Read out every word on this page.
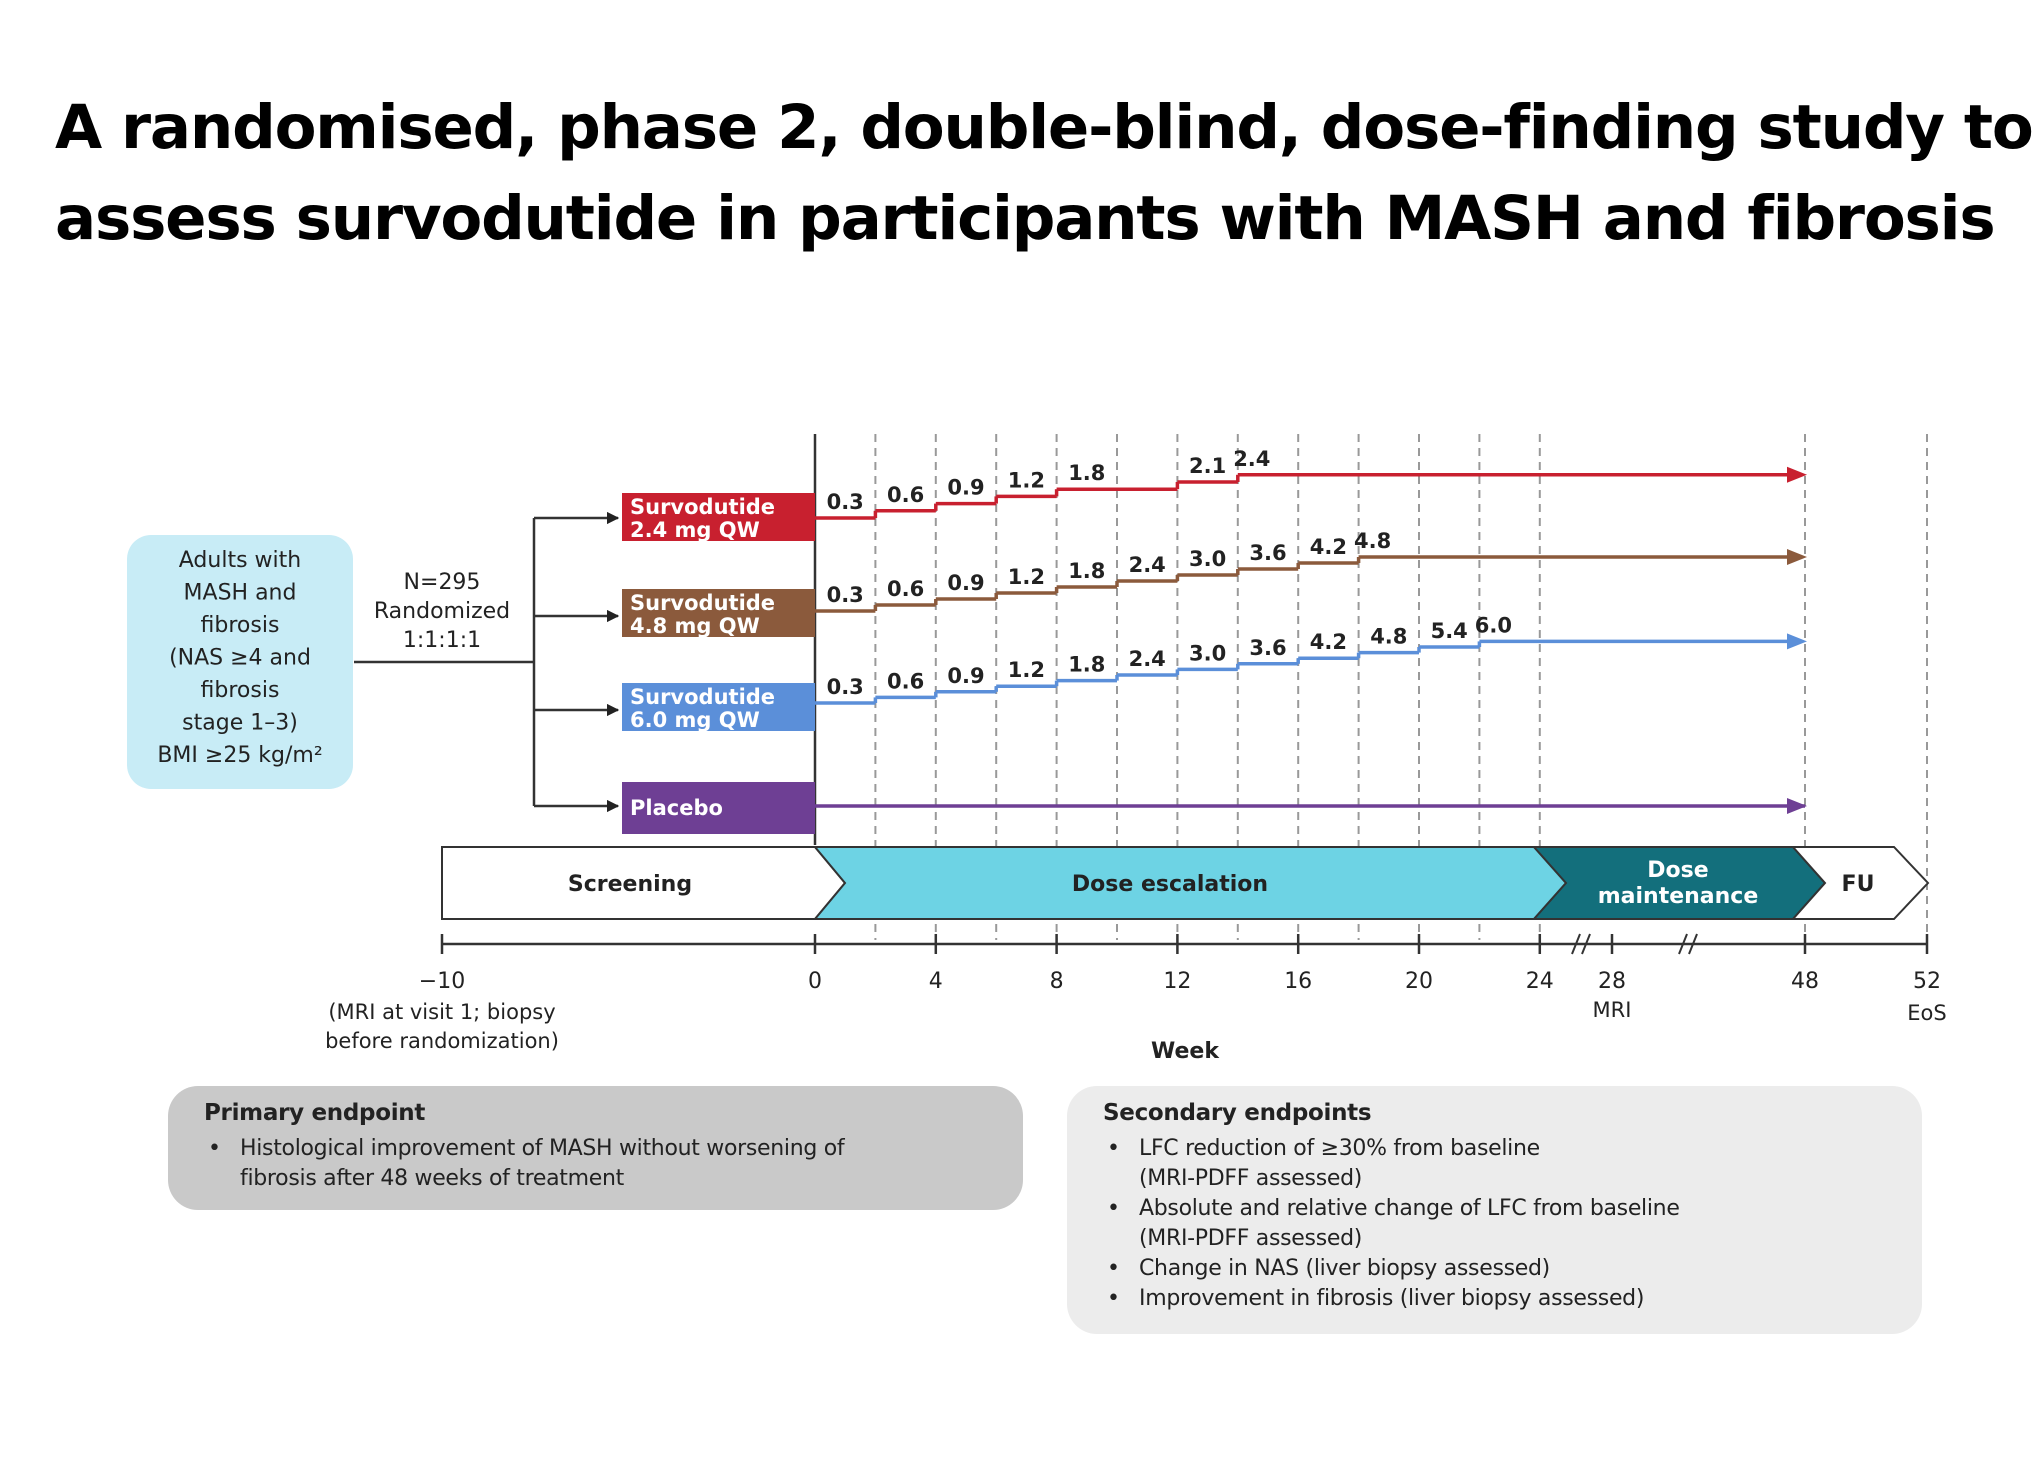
A randomised, phase 2, double-blind, dose-finding study to
assess survodutide in participants with MASH and fibrosis
Adults with
MASH and
fibrosis
(NAS ≥4 and
fibrosis
stage 1–3)
BMI ≥25 kg/m²
N=295
Randomized
1:1:1:1
Survodutide
2.4 mg QW
0.3 0.6 0.9 1.2 1.8	2.1 2.4
Survodutide
4.8 mg QW
0.3 0.6 0.9 1.2 1.8 2.4 3.0 3.6 4.2 4.8
Survodutide
6.0 mg QW
0.3 0.6 0.9 1.2 1.8 2.4 3.0 3.6 4.2 4.8 5.4 6.0
Placebo
Screening	Dose escalation
Dose
maintenance	FU
−10	0	4	8	12	16	20	24 28	48	52
(MRI at visit 1; biopsy
before randomization)
MRI	EoS
Week
Primary endpoint
• Histological improvement of MASH without worsening of fibrosis after 48 weeks of treatment
Secondary endpoints
• LFC reduction of ≥30% from baseline (MRI-PDFF assessed)
• Absolute and relative change of LFC from baseline (MRI-PDFF assessed)
• Change in NAS (liver biopsy assessed)
• Improvement in fibrosis (liver biopsy assessed)
